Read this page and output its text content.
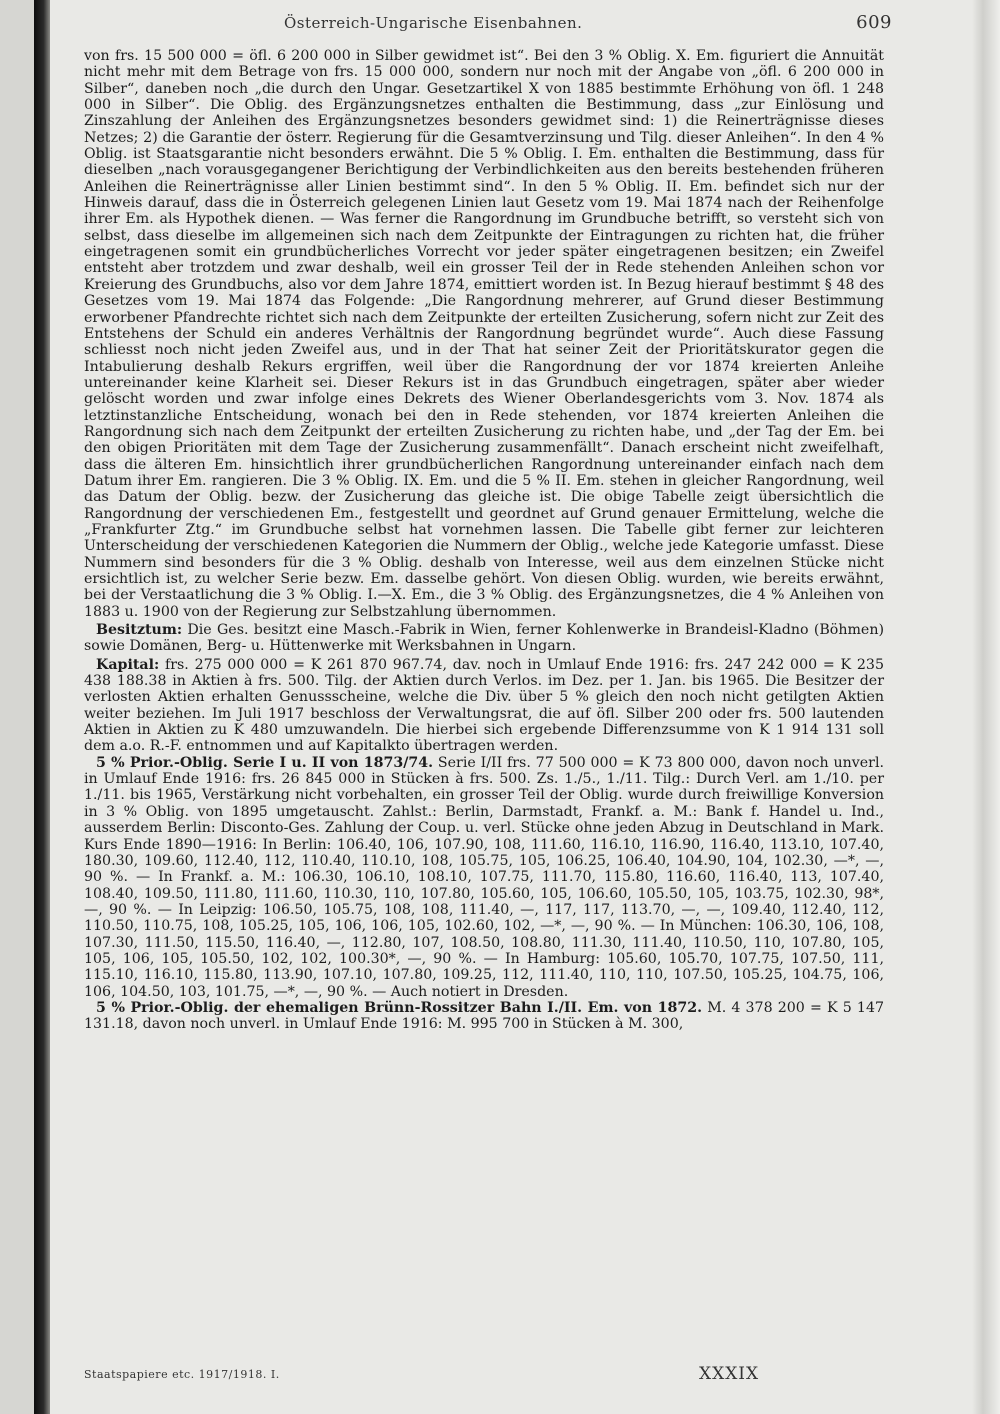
Österreich-Ungarische Eisenbahnen.	609

von frs. 15 500 000 = öfl. 6 200 000 in Silber gewidmet ist“. Bei den 3 % Oblig. X. Em. figuriert die Annuität nicht mehr mit dem Betrage von frs. 15 000 000, sondern nur noch mit der Angabe von „öfl. 6 200 000 in Silber“, daneben noch „die durch den Ungar. Gesetzartikel X von 1885 bestimmte Erhöhung von öfl. 1 248 000 in Silber“. Die Oblig. des Ergänzungsnetzes enthalten die Bestimmung, dass „zur Einlösung und Zinszahlung der Anleihen des Ergänzungsnetzes besonders gewidmet sind: 1) die Reinerträgnisse dieses Netzes; 2) die Garantie der österr. Regierung für die Gesamtverzinsung und Tilg. dieser Anleihen“. In den 4 % Oblig. ist Staatsgarantie nicht besonders erwähnt. Die 5 % Oblig. I. Em. enthalten die Bestimmung, dass für dieselben „nach vorausgegangener Berichtigung der Verbindlichkeiten aus den bereits bestehenden früheren Anleihen die Reinerträgnisse aller Linien bestimmt sind“. In den 5 % Oblig. II. Em. befindet sich nur der Hinweis darauf, dass die in Österreich gelegenen Linien laut Gesetz vom 19. Mai 1874 nach der Reihenfolge ihrer Em. als Hypothek dienen. — Was ferner die Rangordnung im Grundbuche betrifft, so versteht sich von selbst, dass dieselbe im allgemeinen sich nach dem Zeitpunkte der Eintragungen zu richten hat, die früher eingetragenen somit ein grundbücherliches Vorrecht vor jeder später eingetragenen besitzen; ein Zweifel entsteht aber trotzdem und zwar deshalb, weil ein grosser Teil der in Rede stehenden Anleihen schon vor Kreierung des Grundbuchs, also vor dem Jahre 1874, emittiert worden ist. In Bezug hierauf bestimmt § 48 des Gesetzes vom 19. Mai 1874 das Folgende: „Die Rangordnung mehrerer, auf Grund dieser Bestimmung erworbener Pfandrechte richtet sich nach dem Zeitpunkte der erteilten Zusicherung, sofern nicht zur Zeit des Entstehens der Schuld ein anderes Verhältnis der Rangordnung begründet wurde“. Auch diese Fassung schliesst noch nicht jeden Zweifel aus, und in der That hat seiner Zeit der Prioritätskurator gegen die Intabulierung deshalb Rekurs ergriffen, weil über die Rangordnung der vor 1874 kreierten Anleihe untereinander keine Klarheit sei. Dieser Rekurs ist in das Grundbuch eingetragen, später aber wieder gelöscht worden und zwar infolge eines Dekrets des Wiener Oberlandesgerichts vom 3. Nov. 1874 als letztinstanzliche Entscheidung, wonach bei den in Rede stehenden, vor 1874 kreierten Anleihen die Rangordnung sich nach dem Zeitpunkt der erteilten Zusicherung zu richten habe, und „der Tag der Em. bei den obigen Prioritäten mit dem Tage der Zusicherung zusammenfällt“. Danach erscheint nicht zweifelhaft, dass die älteren Em. hinsichtlich ihrer grundbücherlichen Rangordnung untereinander einfach nach dem Datum ihrer Em. rangieren. Die 3 % Oblig. IX. Em. und die 5 % II. Em. stehen in gleicher Rangordnung, weil das Datum der Oblig. bezw. der Zusicherung das gleiche ist. Die obige Tabelle zeigt übersichtlich die Rangordnung der verschiedenen Em., festgestellt und geordnet auf Grund genauer Ermittelung, welche die „Frankfurter Ztg.“ im Grundbuche selbst hat vornehmen lassen. Die Tabelle gibt ferner zur leichteren Unterscheidung der verschiedenen Kategorien die Nummern der Oblig., welche jede Kategorie umfasst. Diese Nummern sind besonders für die 3 % Oblig. deshalb von Interesse, weil aus dem einzelnen Stücke nicht ersichtlich ist, zu welcher Serie bezw. Em. dasselbe gehört. Von diesen Oblig. wurden, wie bereits erwähnt, bei der Verstaatlichung die 3 % Oblig. I.—X. Em., die 3 % Oblig. des Ergänzungsnetzes, die 4 % Anleihen von 1883 u. 1900 von der Regierung zur Selbstzahlung übernommen.

Besitztum: Die Ges. besitzt eine Masch.-Fabrik in Wien, ferner Kohlenwerke in Brandeisl-Kladno (Böhmen) sowie Domänen, Berg- u. Hüttenwerke mit Werksbahnen in Ungarn.

Kapital: frs. 275 000 000 = K 261 870 967.74, dav. noch in Umlauf Ende 1916: frs. 247 242 000 = K 235 438 188.38 in Aktien à frs. 500. Tilg. der Aktien durch Verlos. im Dez. per 1. Jan. bis 1965. Die Besitzer der verlosten Aktien erhalten Genussscheine, welche die Div. über 5 % gleich den noch nicht getilgten Aktien weiter beziehen. Im Juli 1917 beschloss der Verwaltungsrat, die auf öfl. Silber 200 oder frs. 500 lautenden Aktien in Aktien zu K 480 umzuwandeln. Die hierbei sich ergebende Differenzsumme von K 1 914 131 soll dem a.o. R.-F. entnommen und auf Kapitalkto übertragen werden.

5 % Prior.-Oblig. Serie I u. II von 1873/74. Serie I/II frs. 77 500 000 = K 73 800 000, davon noch unverl. in Umlauf Ende 1916: frs. 26 845 000 in Stücken à frs. 500. Zs. 1./5., 1./11. Tilg.: Durch Verl. am 1./10. per 1./11. bis 1965, Verstärkung nicht vorbehalten, ein grosser Teil der Oblig. wurde durch freiwillige Konversion in 3 % Oblig. von 1895 umgetauscht. Zahlst.: Berlin, Darmstadt, Frankf. a. M.: Bank f. Handel u. Ind., ausserdem Berlin: Disconto-Ges. Zahlung der Coup. u. verl. Stücke ohne jeden Abzug in Deutschland in Mark. Kurs Ende 1890—1916: In Berlin: 106.40, 106, 107.90, 108, 111.60, 116.10, 116.90, 116.40, 113.10, 107.40, 180.30, 109.60, 112.40, 112, 110.40, 110.10, 108, 105.75, 105, 106.25, 106.40, 104.90, 104, 102.30, —*, —, 90 %. — In Frankf. a. M.: 106.30, 106.10, 108.10, 107.75, 111.70, 115.80, 116.60, 116.40, 113, 107.40, 108.40, 109.50, 111.80, 111.60, 110.30, 110, 107.80, 105.60, 105, 106.60, 105.50, 105, 103.75, 102.30, 98*, —, 90 %. — In Leipzig: 106.50, 105.75, 108, 108, 111.40, —, 117, 117, 113.70, —, —, 109.40, 112.40, 112, 110.50, 110.75, 108, 105.25, 105, 106, 106, 105, 102.60, 102, —*, —, 90 %. — In München: 106.30, 106, 108, 107.30, 111.50, 115.50, 116.40, —, 112.80, 107, 108.50, 108.80, 111.30, 111.40, 110.50, 110, 107.80, 105, 105, 106, 105, 105.50, 102, 102, 100.30*, —, 90 %. — In Hamburg: 105.60, 105.70, 107.75, 107.50, 111, 115.10, 116.10, 115.80, 113.90, 107.10, 107.80, 109.25, 112, 111.40, 110, 110, 107.50, 105.25, 104.75, 106, 106, 104.50, 103, 101.75, —*, —, 90 %. — Auch notiert in Dresden.

5 % Prior.-Oblig. der ehemaligen Brünn-Rossitzer Bahn I./II. Em. von 1872. M. 4 378 200 = K 5 147 131.18, davon noch unverl. in Umlauf Ende 1916: M. 995 700 in Stücken à M. 300,

Staatspapiere etc. 1917/1918. I.	XXXIX
